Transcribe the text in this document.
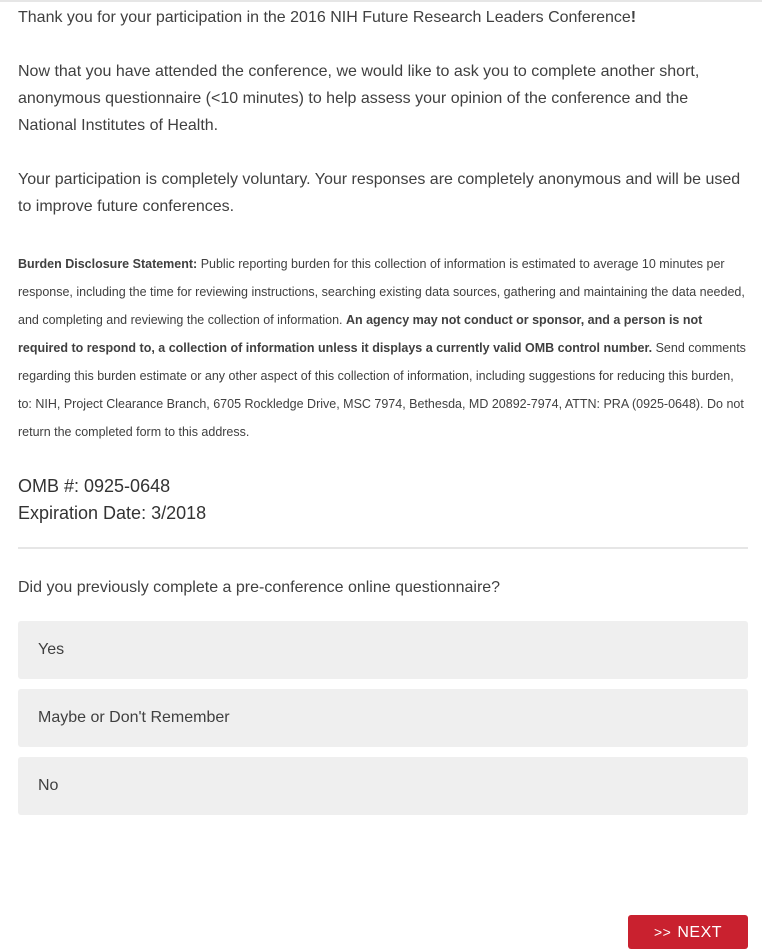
Thank you for your participation in the 2016 NIH Future Research Leaders Conference!

Now that you have attended the conference, we would like to ask you to complete another short, anonymous questionnaire (<10 minutes) to help assess your opinion of the conference and the National Institutes of Health.

Your participation is completely voluntary. Your responses are completely anonymous and will be used to improve future conferences.

Burden Disclosure Statement: Public reporting burden for this collection of information is estimated to average 10 minutes per response, including the time for reviewing instructions, searching existing data sources, gathering and maintaining the data needed, and completing and reviewing the collection of information. An agency may not conduct or sponsor, and a person is not required to respond to, a collection of information unless it displays a currently valid OMB control number. Send comments regarding this burden estimate or any other aspect of this collection of information, including suggestions for reducing this burden, to: NIH, Project Clearance Branch, 6705 Rockledge Drive, MSC 7974, Bethesda, MD 20892-7974, ATTN: PRA (0925-0648). Do not return the completed form to this address.

OMB #: 0925-0648

Expiration Date: 3/2018

Did you previously complete a pre-conference online questionnaire?
Yes
Maybe or Don't Remember
No
>> NEXT
